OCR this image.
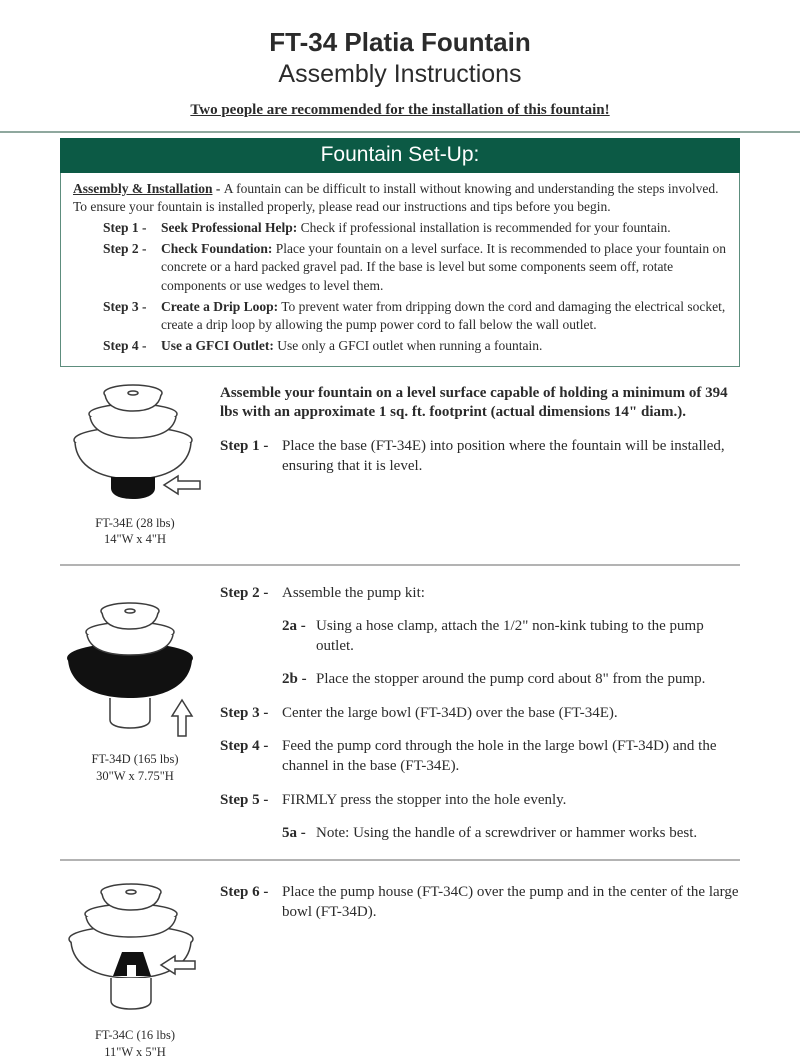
FT-34 Platia Fountain
Assembly Instructions
Two people are recommended for the installation of this fountain!
Fountain Set-Up:
Assembly & Installation - A fountain can be difficult to install without knowing and understanding the steps involved. To ensure your fountain is installed properly, please read our instructions and tips before you begin.
Step 1 -	Seek Professional Help: Check if professional installation is recommended for your fountain.
Step 2 -	Check Foundation: Place your fountain on a level surface. It is recommended to place your fountain on concrete or a hard packed gravel pad. If the base is level but some components seem off, rotate components or use wedges to level them.
Step 3 -	Create a Drip Loop: To prevent water from dripping down the cord and damaging the electrical socket, create a drip loop by allowing the pump power cord to fall below the wall outlet.
Step 4 -	Use a GFCI Outlet: Use only a GFCI outlet when running a fountain.
FT-34E (28 lbs)
14"W x 4"H

Assemble your fountain on a level surface capable of holding a minimum of 394 lbs with an approximate 1 sq. ft. footprint (actual dimensions 14" diam.).

Step 1 - Place the base (FT-34E) into position where the fountain will be installed, ensuring that it is level.
FT-34D (165 lbs)
30"W x 7.75"H
Step 2 - Assemble the pump kit:
2a - Using a hose clamp, attach the 1/2" non-kink tubing to the pump outlet.
2b - Place the stopper around the pump cord about 8" from the pump.
Step 3 - Center the large bowl (FT-34D) over the base (FT-34E).
Step 4 - Feed the pump cord through the hole in the large bowl (FT-34D) and the channel in the base (FT-34E).
Step 5 - FIRMLY press the stopper into the hole evenly.
5a - Note: Using the handle of a screwdriver or hammer works best.
FT-34C (16 lbs)
11"W x 5"H
Step 6 - Place the pump house (FT-34C) over the pump and in the center of the large bowl (FT-34D).
